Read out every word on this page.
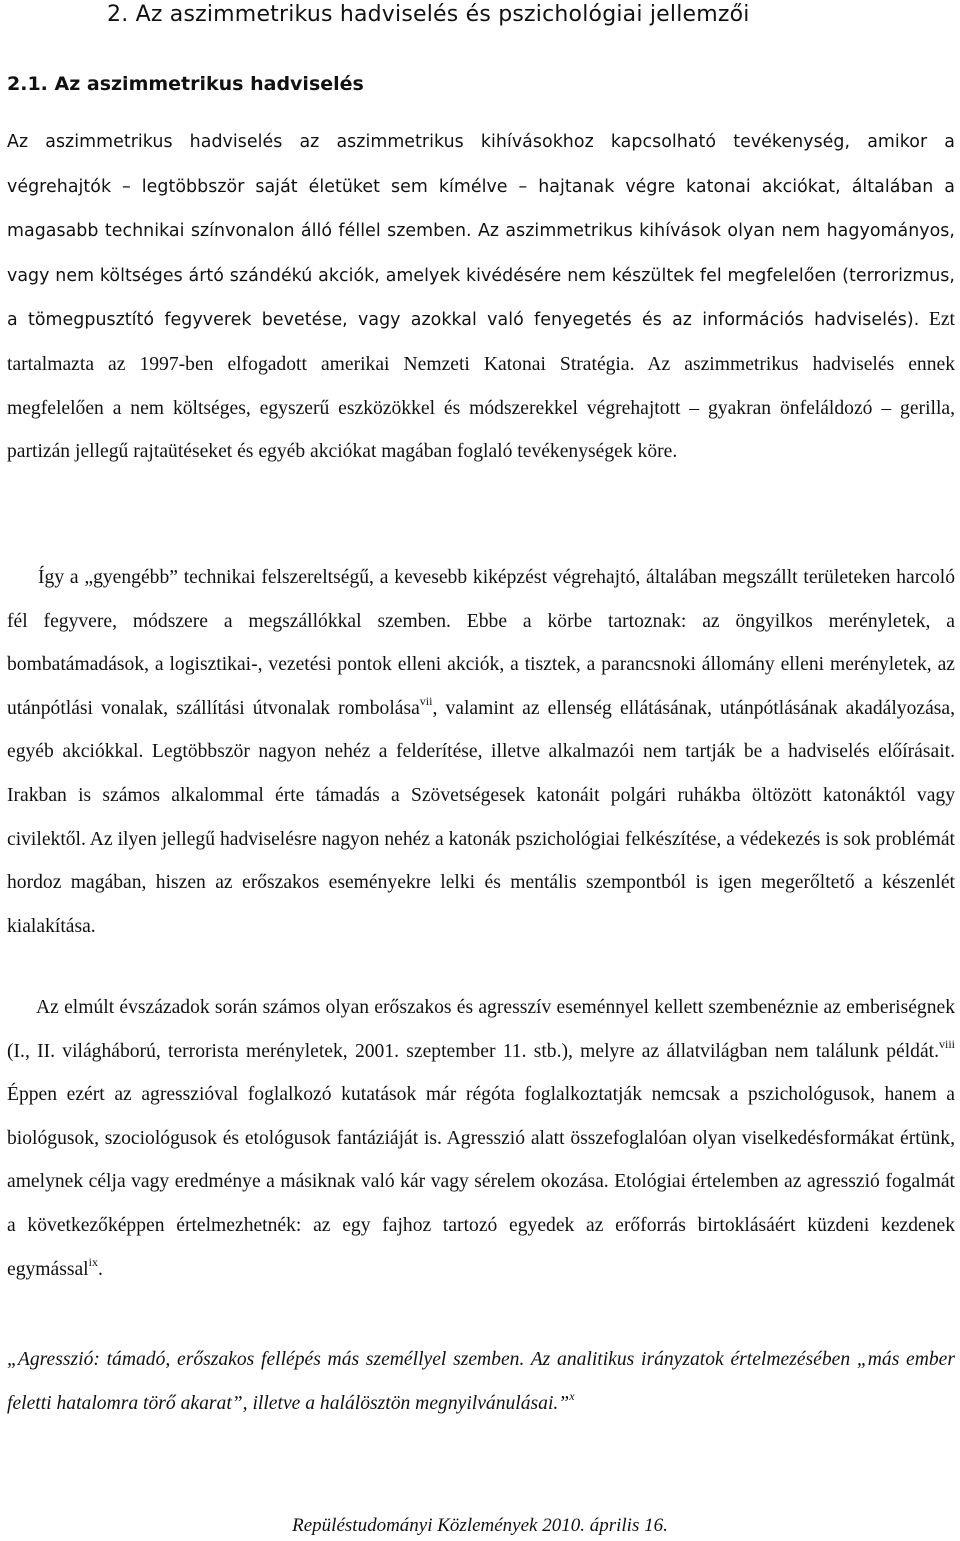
2. Az aszimmetrikus hadviselés és pszichológiai jellemzői
2.1. Az aszimmetrikus hadviselés

Az aszimmetrikus hadviselés az aszimmetrikus kihívásokhoz kapcsolható tevékenység, amikor a végrehajtók – legtöbbször saját életüket sem kímélve – hajtanak végre katonai akciókat, általában a magasabb technikai színvonalon álló féllel szemben. Az aszimmetrikus kihívások olyan nem hagyományos, vagy nem költséges ártó szándékú akciók, amelyek kivédésére nem készültek fel megfelelően (terrorizmus, a tömegpusztító fegyverek bevetése, vagy azokkal való fenyegetés és az információs hadviselés). Ezt tartalmazta az 1997-ben elfogadott amerikai Nemzeti Katonai Stratégia. Az aszimmetrikus hadviselés ennek megfelelően a nem költséges, egyszerű eszközökkel és módszerekkel végrehajtott – gyakran önfeláldozó – gerilla, partizán jellegű rajtaütéseket és egyéb akciókat magában foglaló tevékenységek köre.

Így a „gyengébb” technikai felszereltségű, a kevesebb kiképzést végrehajtó, általában megszállt területeken harcoló fél fegyvere, módszere a megszállókkal szemben. Ebbe a körbe tartoznak: az öngyilkos merényletek, a bombatámadások, a logisztikai-, vezetési pontok elleni akciók, a tisztek, a parancsnoki állomány elleni merényletek, az utánpótlási vonalak, szállítási útvonalak rombolása$^{vii}$, valamint az ellenség ellátásának, utánpótlásának akadályozása, egyéb akciókkal. Legtöbbször nagyon nehéz a felderítése, illetve alkalmazói nem tartják be a hadviselés előírásait. Irakban is számos alkalommal érte támadás a Szövetségesek katonáit polgári ruhákba öltözött katonáktól vagy civilektől. Az ilyen jellegű hadviselésre nagyon nehéz a katonák pszichológiai felkészítése, a védekezés is sok problémát hordoz magában, hiszen az erőszakos eseményekre lelki és mentális szempontból is igen megerőltető a készenlét kialakítása.

Az elmúlt évszázadok során számos olyan erőszakos és agresszív eseménnyel kellett szembenéznie az emberiségnek (I., II. világháború, terrorista merényletek, 2001. szeptember 11. stb.), melyre az állatvilágban nem találunk példát.$^{viii}$ Éppen ezért az agresszióval foglalkozó kutatások már régóta foglalkoztatják nemcsak a pszichológusok, hanem a biológusok, szociológusok és etológusok fantáziáját is. Agresszió alatt összefoglalóan olyan viselkedésformákat értünk, amelynek célja vagy eredménye a másiknak való kár vagy sérelem okozása. Etológiai értelemben az agresszió fogalmát a következőképpen értelmezhetnék: az egy fajhoz tartozó egyedek az erőforrás birtoklásáért küzdeni kezdenek egymással$^{ix}$.

„Agresszió: támadó, erőszakos fellépés más személlyel szemben. Az analitikus irányzatok értelmezésében „más ember feletti hatalomra törő akarat”, illetve a halálösztön megnyilvánulásai.”$^x$

Repüléstudományi Közlemények 2010. április 16.
